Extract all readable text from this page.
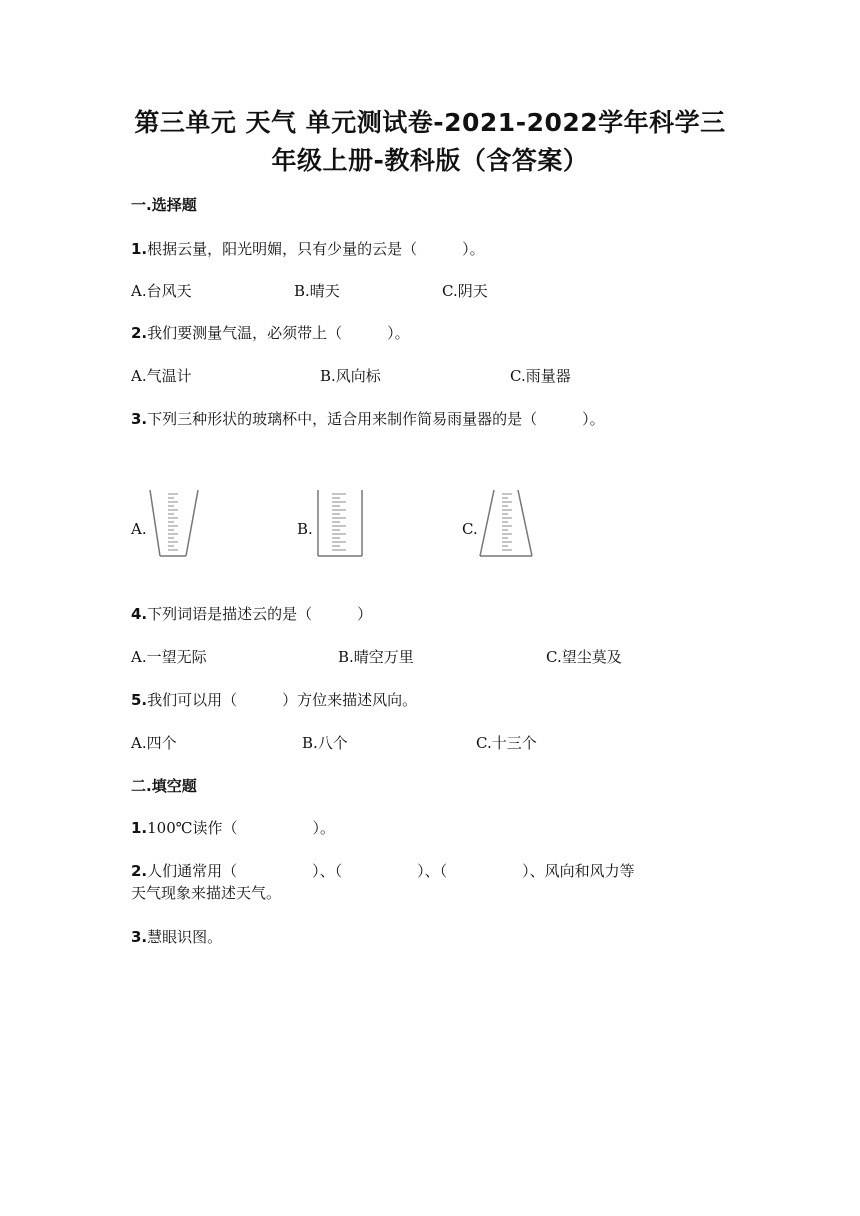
第三单元 天气 单元测试卷-2021-2022学年科学三
年级上册-教科版（含答案）
一.选择题
1.根据云量，阳光明媚，只有少量的云是（　　　）。
A.台风天	B.晴天	C.阴天
2.我们要测量气温，必须带上（　　　）。
A.气温计	B.风向标	C.雨量器
3.下列三种形状的玻璃杯中，适合用来制作简易雨量器的是（　　　）。
A.	B.	C.
4.下列词语是描述云的是（　　　）
A.一望无际	B.晴空万里	C.望尘莫及
5.我们可以用（　　　）方位来描述风向。
A.四个	B.八个	C.十三个
二.填空题
1.100℃读作（　　　　　）。
2.人们通常用（　　　　　）、（　　　　　）、（　　　　　）、风向和风力等
天气现象来描述天气。
3.慧眼识图。
